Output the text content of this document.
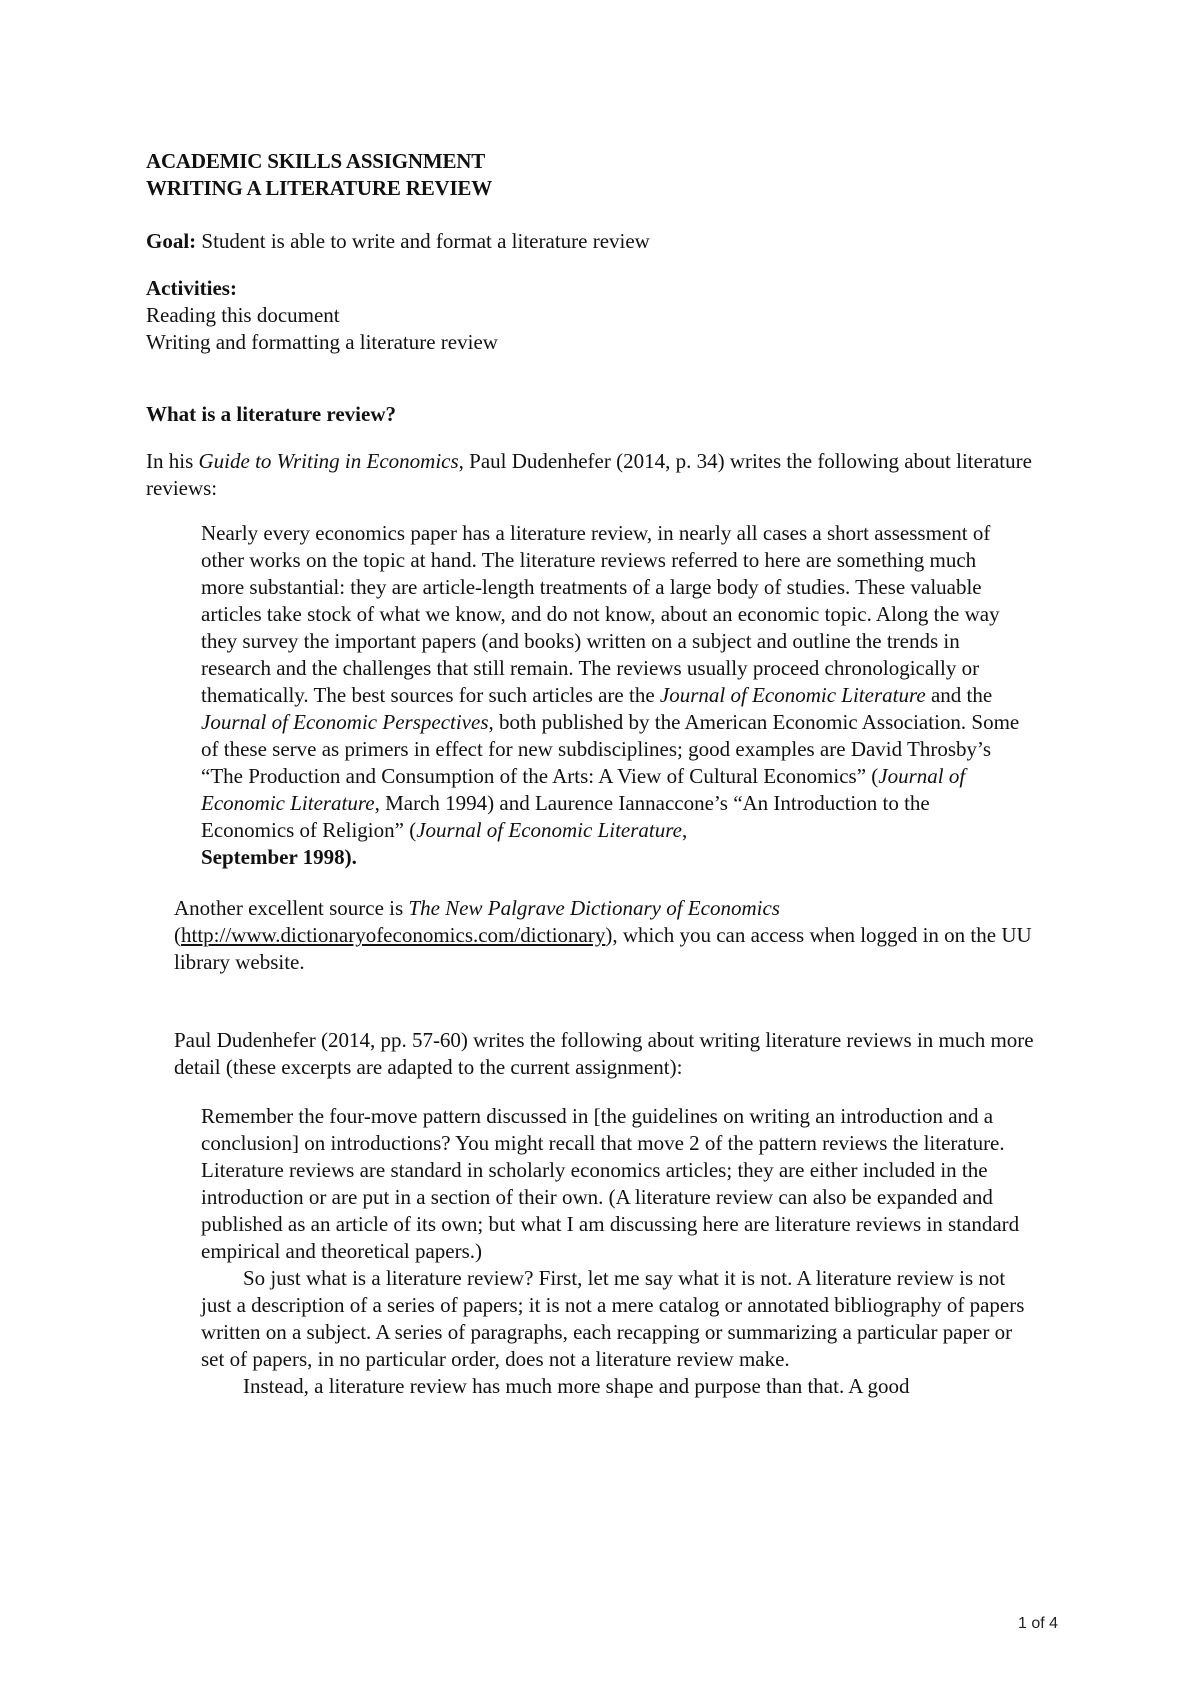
ACADEMIC SKILLS ASSIGNMENT

WRITING A LITERATURE REVIEW

Goal: Student is able to write and format a literature review

Activities:

Reading this document

Writing and formatting a literature review

What is a literature review?

In his Guide to Writing in Economics, Paul Dudenhefer (2014, p. 34) writes the following about literature reviews:

Nearly every economics paper has a literature review, in nearly all cases a short assessment of other works on the topic at hand. The literature reviews referred to here are something much more substantial: they are article-length treatments of a large body of studies. These valuable articles take stock of what we know, and do not know, about an economic topic. Along the way they survey the important papers (and books) written on a subject and outline the trends in research and the challenges that still remain. The reviews usually proceed chronologically or thematically. The best sources for such articles are the Journal of Economic Literature and the Journal of Economic Perspectives, both published by the American Economic Association. Some of these serve as primers in effect for new subdisciplines; good examples are David Throsby’s “The Production and Consumption of the Arts: A View of Cultural Economics” (Journal of Economic Literature, March 1994) and Laurence Iannaccone’s “An Introduction to the Economics of Religion” (Journal of Economic Literature,
September 1998).

Another excellent source is The New Palgrave Dictionary of Economics
(http://www.dictionaryofeconomics.com/dictionary), which you can access when logged in on the UU library website.

Paul Dudenhefer (2014, pp. 57-60) writes the following about writing literature reviews in much more detail (these excerpts are adapted to the current assignment):

Remember the four-move pattern discussed in [the guidelines on writing an introduction and a conclusion] on introductions? You might recall that move 2 of the pattern reviews the literature. Literature reviews are standard in scholarly economics articles; they are either included in the introduction or are put in a section of their own. (A literature review can also be expanded and published as an article of its own; but what I am discussing here are literature reviews in standard empirical and theoretical papers.)

So just what is a literature review? First, let me say what it is not. A literature review is not just a description of a series of papers; it is not a mere catalog or annotated bibliography of papers written on a subject. A series of paragraphs, each recapping or summarizing a particular paper or set of papers, in no particular order, does not a literature review make.

Instead, a literature review has much more shape and purpose than that. A good

1 of 4
